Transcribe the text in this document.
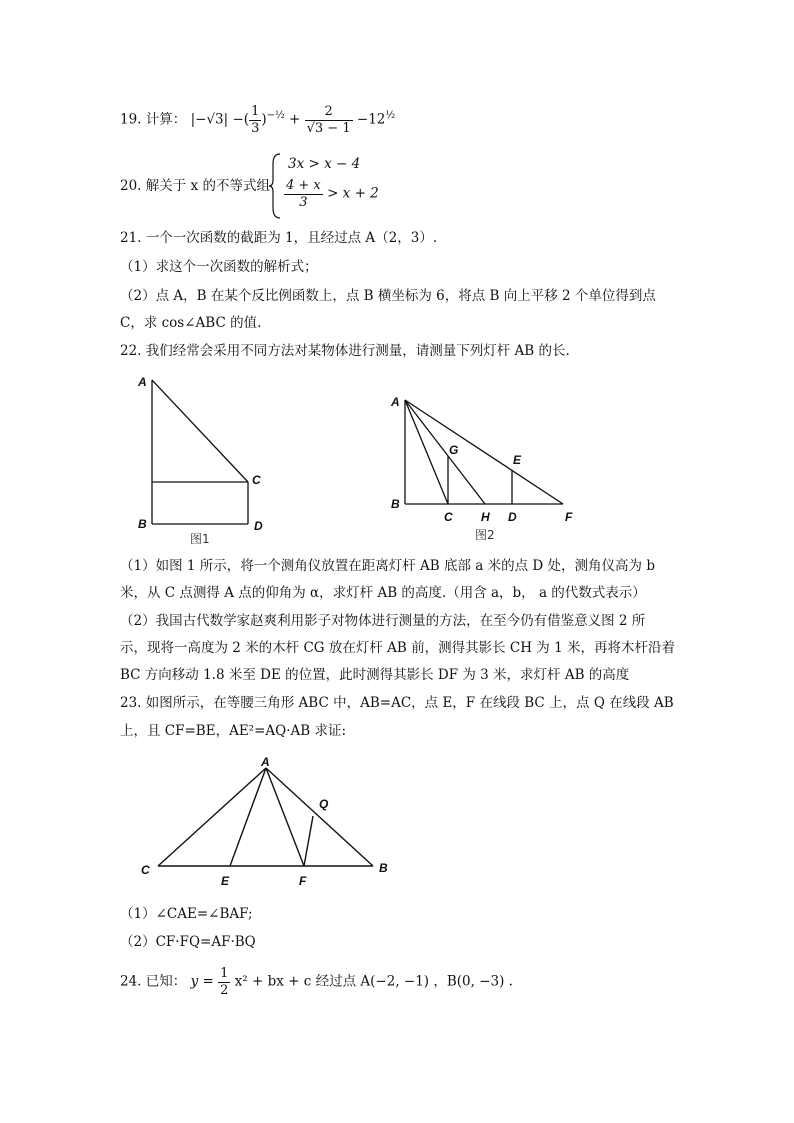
19. 计算： |−√3| −( $\frac{1}{3} )^{-\frac{1}{2}} + \frac{2}{√3 - 1} -12^{\frac{1}{2}}$
20. 解关于 x 的不等式组
3x > x − 4
$\frac{4 + x}{3} > x + 2$
21. 一个一次函数的截距为 1，且经过点 A（2，3）.
（1）求这个一次函数的解析式；
（2）点 A，B 在某个反比例函数上，点 B 横坐标为 6，将点 B 向上平移 2 个单位得到点
C，求 cos∠ABC 的值.
22. 我们经常会采用不同方法对某物体进行测量，请测量下列灯杆 AB 的长.
A
B
C
D
图1
A
B
C
G
H D
E
F
图2
（1）如图 1 所示，将一个测角仪放置在距离灯杆 AB 底部 a 米的点 D 处，测角仪高为 b
米，从 C 点测得 A 点的仰角为 α，求灯杆 AB 的高度.（用含 a，b， a 的代数式表示）
（2）我国古代数学家赵爽利用影子对物体进行测量的方法，在至今仍有借鉴意义图 2 所
示，现将一高度为 2 米的木杆 CG 放在灯杆 AB 前，测得其影长 CH 为 1 米，再将木杆沿着
BC 方向移动 1.8 米至 DE 的位置，此时测得其影长 DF 为 3 米，求灯杆 AB 的高度
23. 如图所示，在等腰三角形 ABC 中，AB=AC，点 E，F 在线段 BC 上，点 Q 在线段 AB
上，且 CF=BE，AE²=AQ·AB 求证:
A
Q
C
E	F
B
（1）∠CAE=∠BAF;
（2）CF·FQ=AF·BQ
24. 已知： $y = \frac{1}{2} x^2$ + bx + c 经过点 A(−2, −1) ，B(0, −3) .
